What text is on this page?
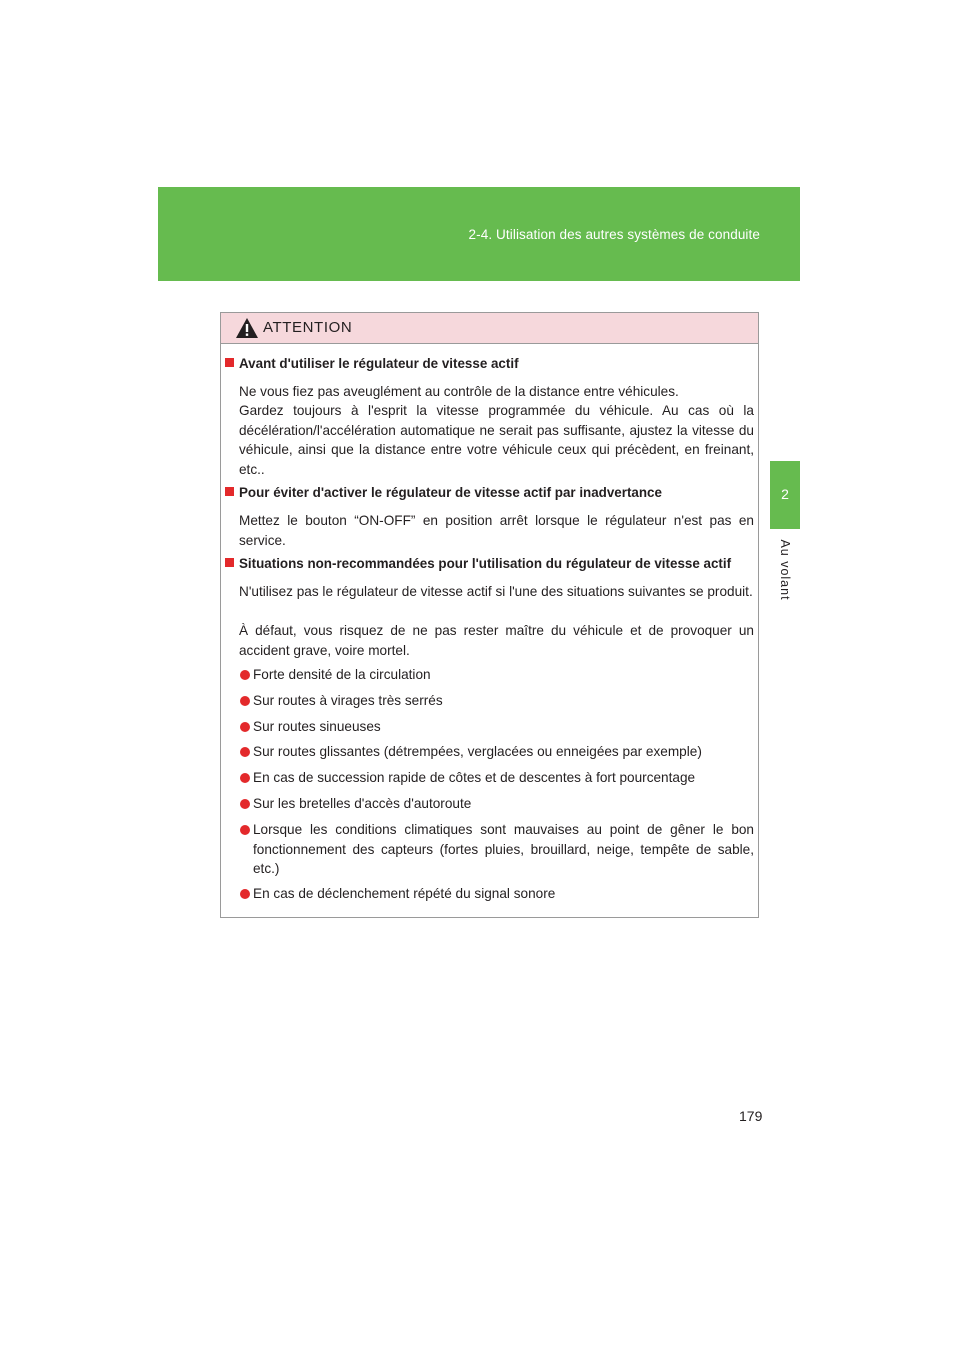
2-4. Utilisation des autres systèmes de conduite
2
Au volant
ATTENTION
Avant d'utiliser le régulateur de vitesse actif
Ne vous fiez pas aveuglément au contrôle de la distance entre véhicules.
Gardez toujours à l'esprit la vitesse programmée du véhicule. Au cas où la décélération/l'accélération automatique ne serait pas suffisante, ajustez la vitesse du véhicule, ainsi que la distance entre votre véhicule ceux qui précèdent, en freinant, etc..
Pour éviter d'activer le régulateur de vitesse actif par inadvertance
Mettez le bouton “ON-OFF” en position arrêt lorsque le régulateur n'est pas en service.
Situations non-recommandées pour l'utilisation du régulateur de vitesse actif
N'utilisez pas le régulateur de vitesse actif si l'une des situations suivantes se produit.
À défaut, vous risquez de ne pas rester maître du véhicule et de provoquer un accident grave, voire mortel.
Forte densité de la circulation
Sur routes à virages très serrés
Sur routes sinueuses
Sur routes glissantes (détrempées, verglacées ou enneigées par exemple)
En cas de succession rapide de côtes et de descentes à fort pourcentage
Sur les bretelles d'accès d'autoroute
Lorsque les conditions climatiques sont mauvaises au point de gêner le bon fonctionnement des capteurs (fortes pluies, brouillard, neige, tempête de sable, etc.)
En cas de déclenchement répété du signal sonore
179
